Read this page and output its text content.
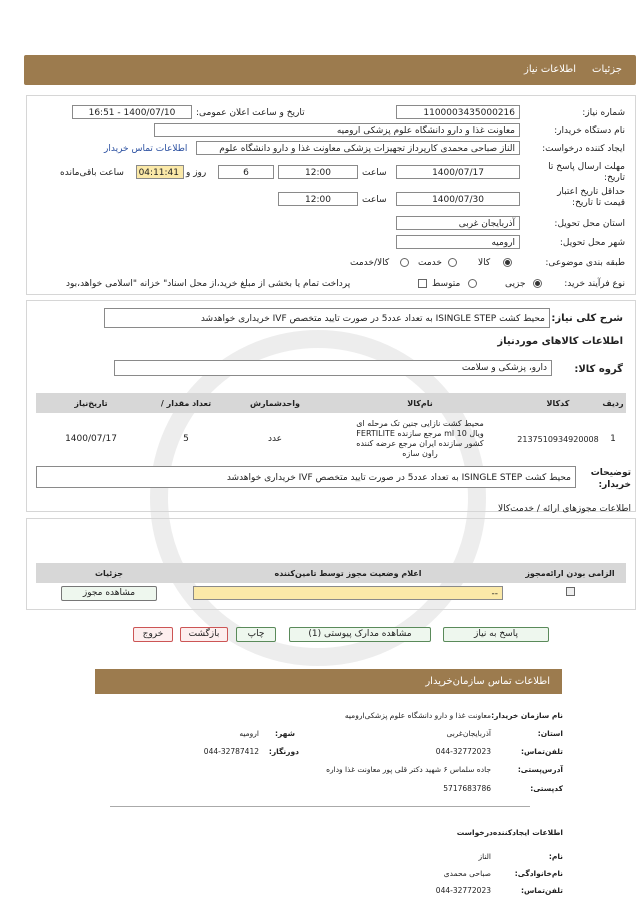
جزئیات
اطلاعات نیاز
شماره نیاز:
1100003435000216
تاریخ و ساعت اعلان عمومی:
1400/07/10 - 16:51
نام دستگاه خریدار:
معاونت غذا و دارو دانشگاه علوم پزشکی ارومیه
ایجاد کننده درخواست:
الناز صباحی محمدی کارپرداز تجهیزات پزشکی معاونت غذا و دارو دانشگاه علوم
اطلاعات تماس خریدار
مهلت ارسال پاسخ تا تاریخ:
1400/07/17
ساعت
12:00
6
روز و
04:11:41
ساعت باقی‌مانده
حداقل تاریخ اعتبار قیمت تا تاریخ:
1400/07/30
ساعت
12:00
استان محل تحویل:
آذربایجان غربی
شهر محل تحویل:
ارومیه
طبقه بندی موضوعی:
کالا
خدمت
کالا/خدمت
نوع فرآیند خرید:
جزیی
متوسط
پرداخت تمام یا بخشی از مبلغ خرید،از محل اسناد" خزانه "اسلامی خواهد،بود
شرح کلی نیاز:
محیط کشت ISINGLE STEP به تعداد عدد5 در صورت تایید متخصص IVF خریداری خواهدشد
اطلاعات کالاهای موردنیاز
گروه کالا:
دارو، پزشکی و سلامت
ردیف	کدکالا	نام‌کالا	واحدشمارش	تعداد مقدار /	تاریخ‌نیاز
1	2137510934920008	محیط کشت نازایی جنین تک مرحله ای ویال 10 ml مرجع سازنده FERTILITE کشور سازنده ایران مرجع عرضه کننده راون سازه	عدد	5	1400/07/17
توضیحات خریدار:
محیط کشت ISINGLE STEP به تعداد عدد5 در صورت تایید متخصص IVF خریداری خواهدشد
اطلاعات مجوزهای ارائه / خدمت‌کالا
الزامی بودن ارائه‌مجوز	اعلام وضعیت مجوز توسط تامین‌کننده	جزئیات

	--	مشاهده مجوز
پاسخ به نیاز
مشاهده مدارک پیوستی (1)
چاپ
بازگشت
خروج
اطلاعات تماس سازمان‌خریدار
نام سازمان خریدار:
معاونت غذا و دارو دانشگاه علوم پزشکی‌ارومیه
استان:
آذربایجان‌غربی
شهر:
ارومیه
تلفن‌تماس:
044-32772023
دورنگار:
044-32787412
آدرس‌پستی:
جاده سلماس ۶ شهید دکتر قلی پور معاونت غذا وداره
کدپستی:
5717683786
اطلاعات ایجادکننده‌درخواست
نام:
الناز
نام‌خانوادگی:
صباحی محمدی
تلفن‌تماس:
044-32772023
